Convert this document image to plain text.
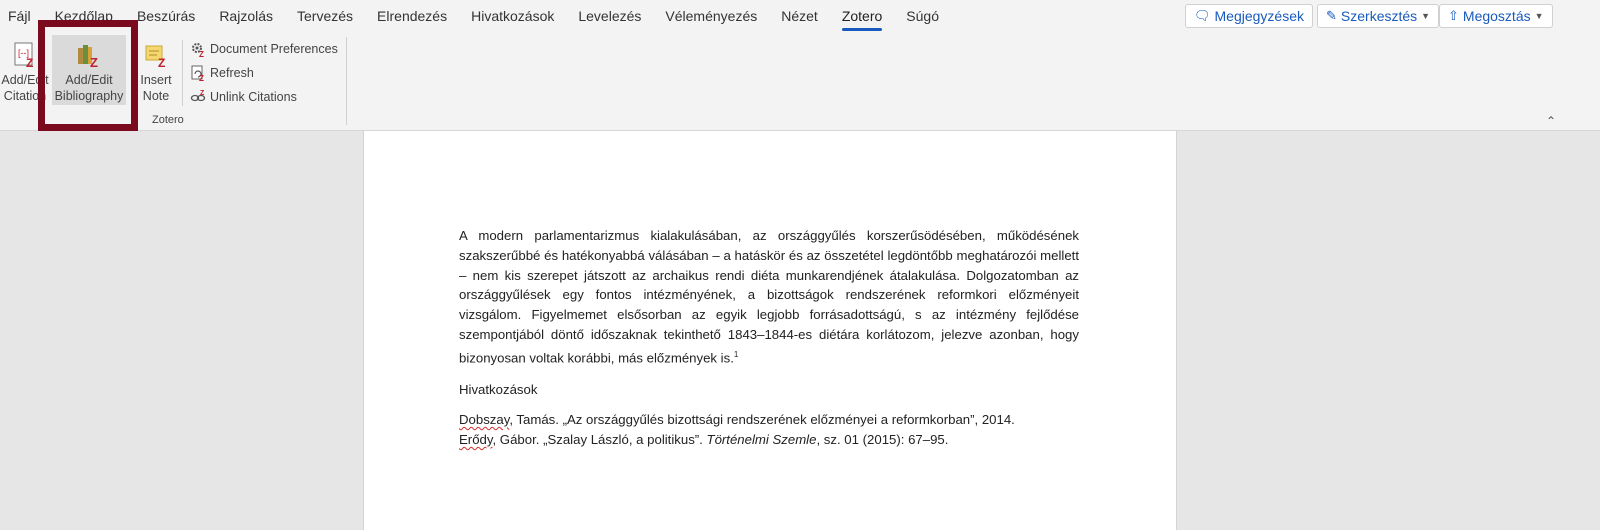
Fájl	Kezdőlap	Beszúrás	Rajzolás	Tervezés	Elrendezés	Hivatkozások	Levelezés	Véleményezés	Nézet	Zotero	Súgó	🗨︎ Megjegyzések ✎ Szerkesztés ▼ ⇧ Megosztás ▼
[--]
Z
Add/Edit
Citation
Z
Add/Edit
Bibliography
Z
Insert
Note
Z Document Preferences
Z Refresh
Z Unlink Citations
Zotero	⌃

A modern parlamentarizmus kialakulásában, az országgyűlés korszerűsödésében, működésének szakszerűbbé és hatékonyabbá válásában – a hatáskör és az összetétel legdöntőbb meghatározói mellett – nem kis szerepet játszott az archaikus rendi diéta munkarendjének átalakulása. Dolgozatomban az országgyűlések egy fontos intézményének, a bizottságok rendszerének reformkori előzményeit vizsgálom. Figyelmemet elsősorban az egyik legjobb forrásadottságú, s az intézmény fejlődése szempontjából döntő időszaknak tekinthető 1843–1844-es diétára korlátozom, jelezve azonban, hogy bizonyosan voltak korábbi, más előzmények is.$^1$

Hivatkozások
Dobszay, Tamás. „Az országgyűlés bizottsági rendszerének előzményei a reformkorban”, 2014.
Erődy, Gábor. „Szalay László, a politikus”. Történelmi Szemle, sz. 01 (2015): 67–95.
